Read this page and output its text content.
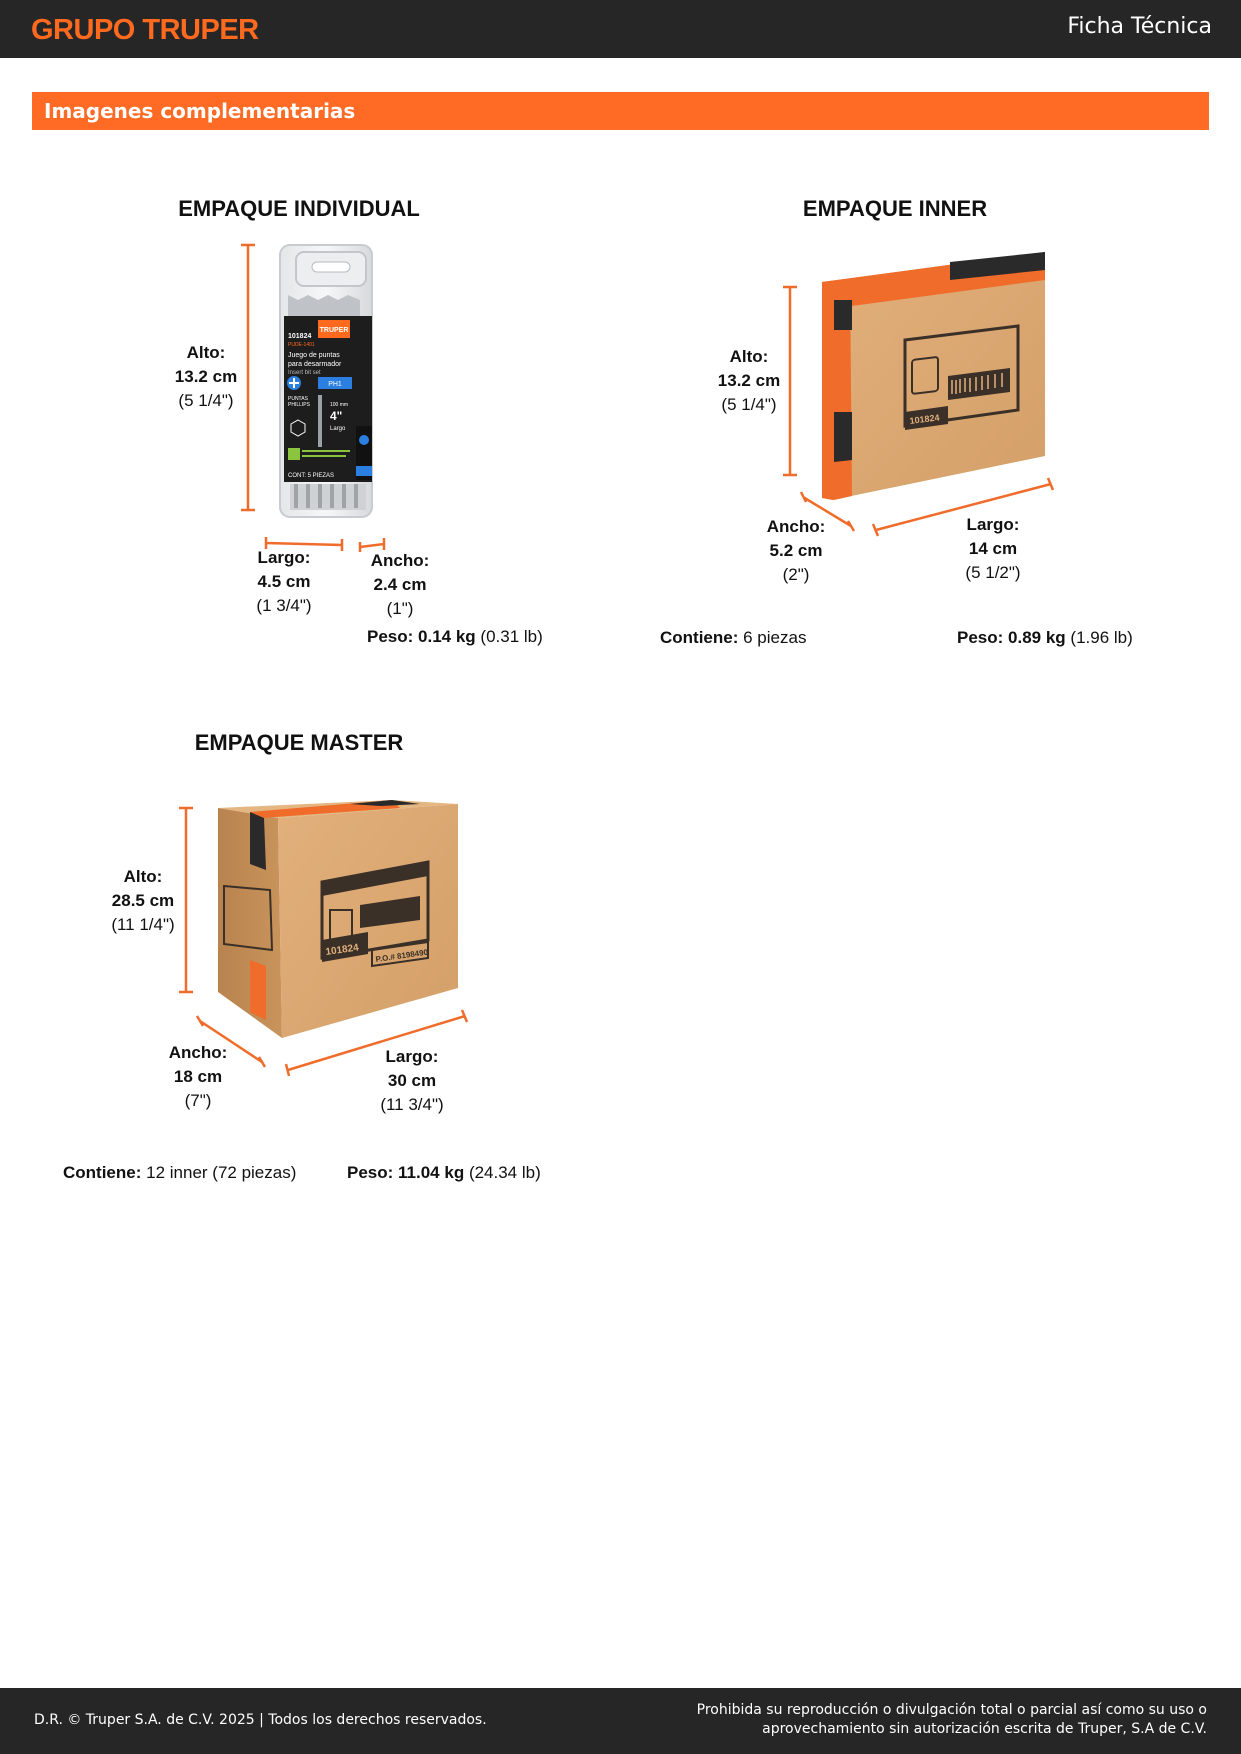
GRUPO TRUPER	Ficha Técnica
Imagenes complementarias
TRUPER
101824
PUDE-1401
Juego de puntas
para desarmador
Insert bit set
PH1
PUNTAS
PHILLIPS	100 mm
4"
Largo
CONT: 5 PIEZAS
101824
101824 P.O.# 8198490
EMPAQUE INDIVIDUAL
Alto:
13.2 cm
(5 1/4")
Largo:
4.5 cm
(1 3/4")
Ancho:
2.4 cm
(1")
Peso: 0.14 kg (0.31 lb)
EMPAQUE INNER
Alto:
13.2 cm
(5 1/4")
Ancho:
5.2 cm
(2")
Largo:
14 cm
(5 1/2")
Contiene: 6 piezas	Peso: 0.89 kg (1.96 lb)
EMPAQUE MASTER
Alto:
28.5 cm
(11 1/4")
Ancho:
18 cm
(7")
Largo:
30 cm
(11 3/4")
Contiene: 12 inner (72 piezas)	Peso: 11.04 kg (24.34 lb)
D.R. © Truper S.A. de C.V. 2025 | Todos los derechos reservados.
Prohibida su reproducción o divulgación total o parcial así como su uso o
aprovechamiento sin autorización escrita de Truper, S.A de C.V.
